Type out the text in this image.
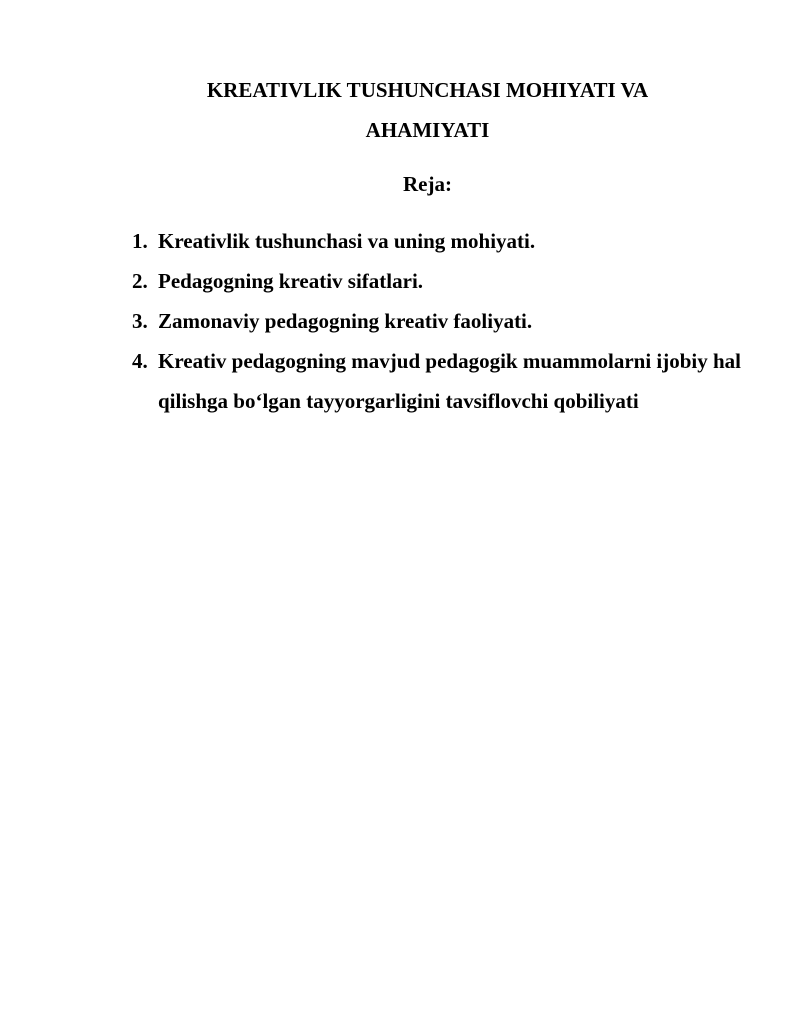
KREATIVLIK TUSHUNCHASI MOHIYATI VA
AHAMIYATI
Reja:
1. Kreativlik tushunchasi va uning mohiyati.
2. Pedagogning kreativ sifatlari.
3. Zamonaviy pedagogning kreativ faoliyati.
4. Kreativ pedagogning mavjud pedagogik muammolarni ijobiy hal qilishga bo‘lgan tayyorgarligini tavsiflovchi qobiliyati
